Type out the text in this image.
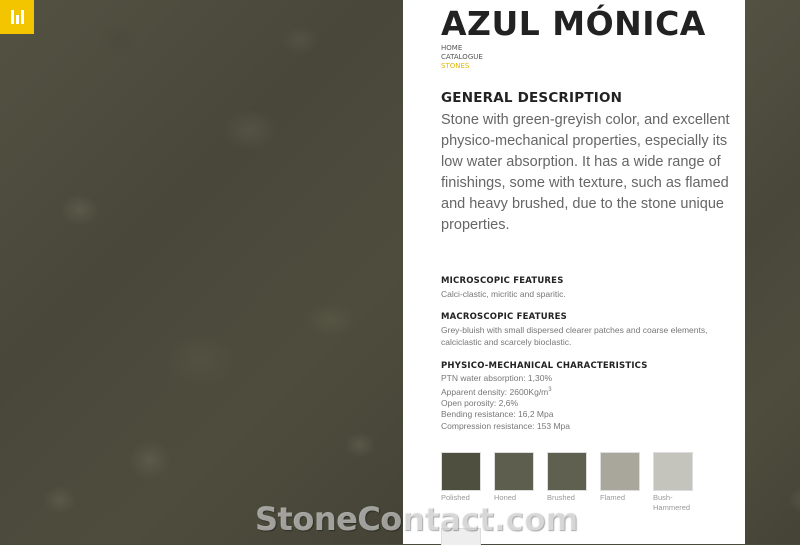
AZUL MÓNICA
HOME
CATALOGUE
STONES
GENERAL DESCRIPTION

Stone with green-greyish color, and excellent physico-mechanical properties, especially its low water absorption. It has a wide range of finishings, some with texture, such as flamed and heavy brushed, due to the stone unique properties.

MICROSCOPIC FEATURES

Calci-clastic, micritic and sparitic.

MACROSCOPIC FEATURES

Grey-bluish with small dispersed clearer patches and coarse elements, calciclastic and scarcely bioclastic.

PHYSICO-MECHANICAL CHARACTERISTICS
PTN water absorption: 1,30%
Apparent density: $2600Kg/m^3$
Open porosity: 2,6%
Bending resistance: 16,2 Mpa
Compression resistance: 153 Mpa
Polished	Honed	Brushed	Flamed	Bush-Hammered
StoneContact.com
